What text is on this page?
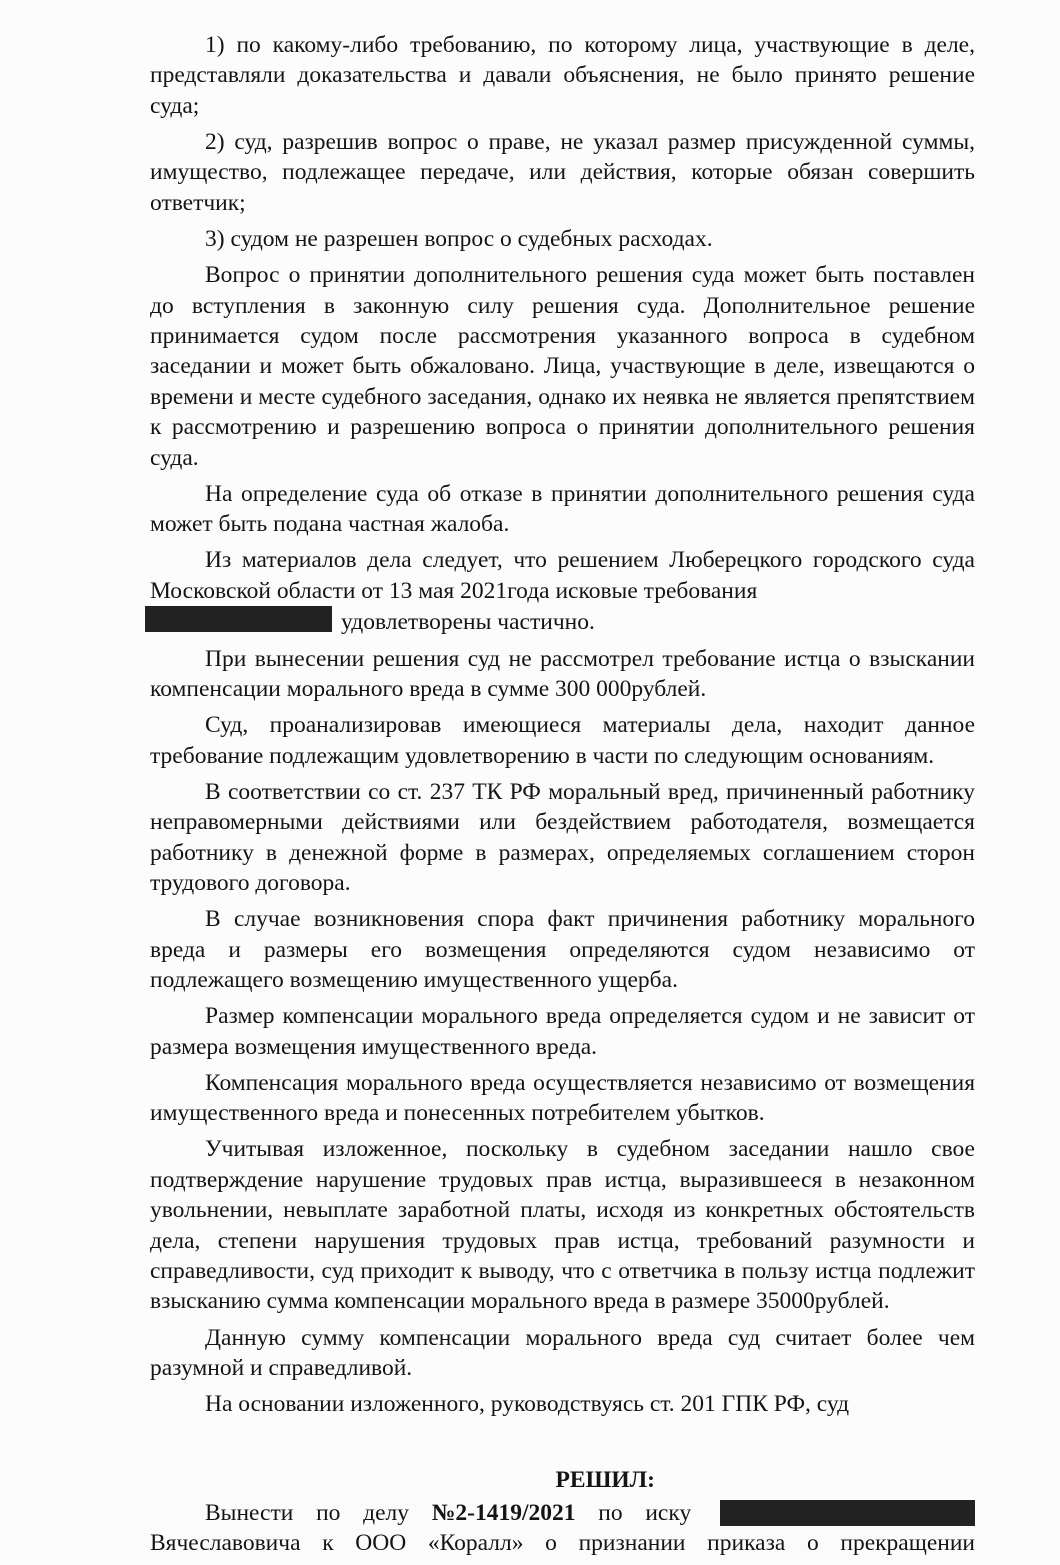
1) по какому-либо требованию, по которому лица, участвующие в деле, представляли доказательства и давали объяснения, не было принято решение суда;

2) суд, разрешив вопрос о праве, не указал размер присужденной суммы, имущество, подлежащее передаче, или действия, которые обязан совершить ответчик;

3) судом не разрешен вопрос о судебных расходах.

Вопрос о принятии дополнительного решения суда может быть поставлен до вступления в законную силу решения суда. Дополнительное решение принимается судом после рассмотрения указанного вопроса в судебном заседании и может быть обжаловано. Лица, участвующие в деле, извещаются о времени и месте судебного заседания, однако их неявка не является препятствием к рассмотрению и разрешению вопроса о принятии дополнительного решения суда.

На определение суда об отказе в принятии дополнительного решения суда может быть подана частная жалоба.

Из материалов дела следует, что решением Люберецкого городского суда Московской области от 13 мая 2021года исковые требования

удовлетворены частично.

При вынесении решения суд не рассмотрел требование истца о взыскании компенсации морального вреда в сумме 300 000рублей.

Суд, проанализировав имеющиеся материалы дела, находит данное требование подлежащим удовлетворению в части по следующим основаниям.

В соответствии со ст. 237 ТК РФ моральный вред, причиненный работнику неправомерными действиями или бездействием работодателя, возмещается работнику в денежной форме в размерах, определяемых соглашением сторон трудового договора.

В случае возникновения спора факт причинения работнику морального вреда и размеры его возмещения определяются судом независимо от подлежащего возмещению имущественного ущерба.

Размер компенсации морального вреда определяется судом и не зависит от размера возмещения имущественного вреда.

Компенсация морального вреда осуществляется независимо от возмещения имущественного вреда и понесенных потребителем убытков.

Учитывая изложенное, поскольку в судебном заседании нашло свое подтверждение нарушение трудовых прав истца, выразившееся в незаконном увольнении, невыплате заработной платы, исходя из конкретных обстоятельств дела, степени нарушения трудовых прав истца, требований разумности и справедливости, суд приходит к выводу, что с ответчика в пользу истца подлежит взысканию сумма компенсации морального вреда в размере 35000рублей.

Данную сумму компенсации морального вреда суд считает более чем разумной и справедливой.

На основании изложенного, руководствуясь ст. 201 ГПК РФ, суд

РЕШИЛ:
Вынести по делу №2-1419/2021 по иску

Вячеславовича к ООО «Коралл» о признании приказа о прекращении
